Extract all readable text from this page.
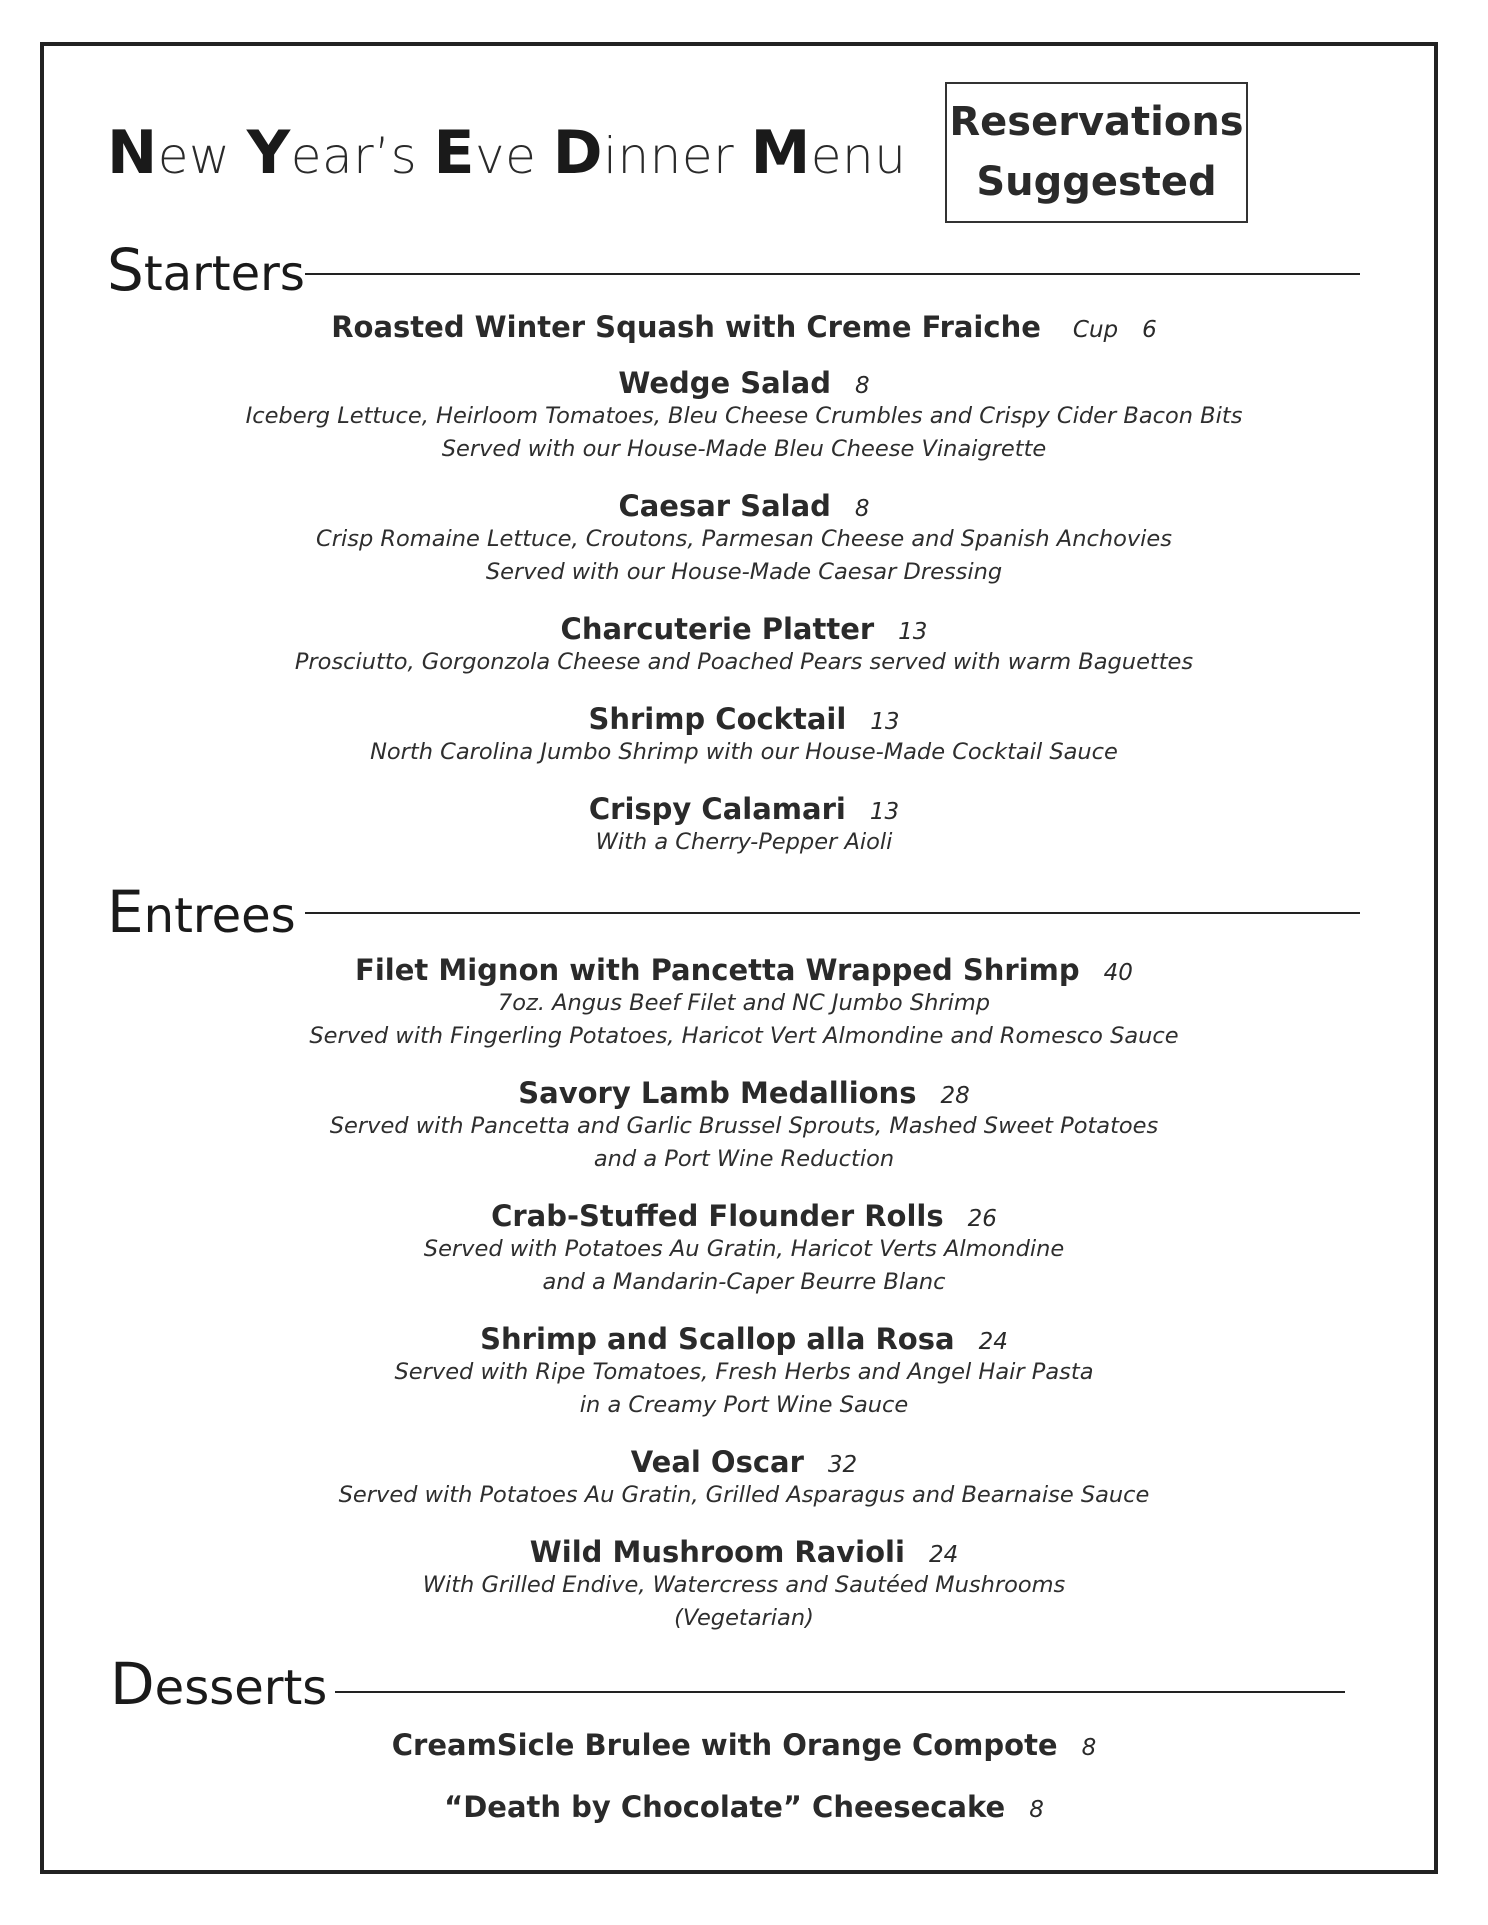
New Year’s Eve Dinner Menu
Reservations
Suggested
Starters
Roasted Winter Squash with Creme Fraiche Cup 6
Wedge Salad 8
Iceberg Lettuce, Heirloom Tomatoes, Bleu Cheese Crumbles and Crispy Cider Bacon Bits
Served with our House-Made Bleu Cheese Vinaigrette
Caesar Salad 8
Crisp Romaine Lettuce, Croutons, Parmesan Cheese and Spanish Anchovies
Served with our House-Made Caesar Dressing
Charcuterie Platter 13
Prosciutto, Gorgonzola Cheese and Poached Pears served with warm Baguettes
Shrimp Cocktail 13
North Carolina Jumbo Shrimp with our House-Made Cocktail Sauce
Crispy Calamari 13
With a Cherry-Pepper Aioli
Entrees
Filet Mignon with Pancetta Wrapped Shrimp 40
7oz. Angus Beef Filet and NC Jumbo Shrimp
Served with Fingerling Potatoes, Haricot Vert Almondine and Romesco Sauce
Savory Lamb Medallions 28
Served with Pancetta and Garlic Brussel Sprouts, Mashed Sweet Potatoes
and a Port Wine Reduction
Crab-Stuffed Flounder Rolls 26
Served with Potatoes Au Gratin, Haricot Verts Almondine
and a Mandarin-Caper Beurre Blanc
Shrimp and Scallop alla Rosa 24
Served with Ripe Tomatoes, Fresh Herbs and Angel Hair Pasta
in a Creamy Port Wine Sauce
Veal Oscar 32
Served with Potatoes Au Gratin, Grilled Asparagus and Bearnaise Sauce
Wild Mushroom Ravioli 24
With Grilled Endive, Watercress and Sautéed Mushrooms
(Vegetarian)
Desserts
CreamSicle Brulee with Orange Compote 8
“Death by Chocolate” Cheesecake 8
